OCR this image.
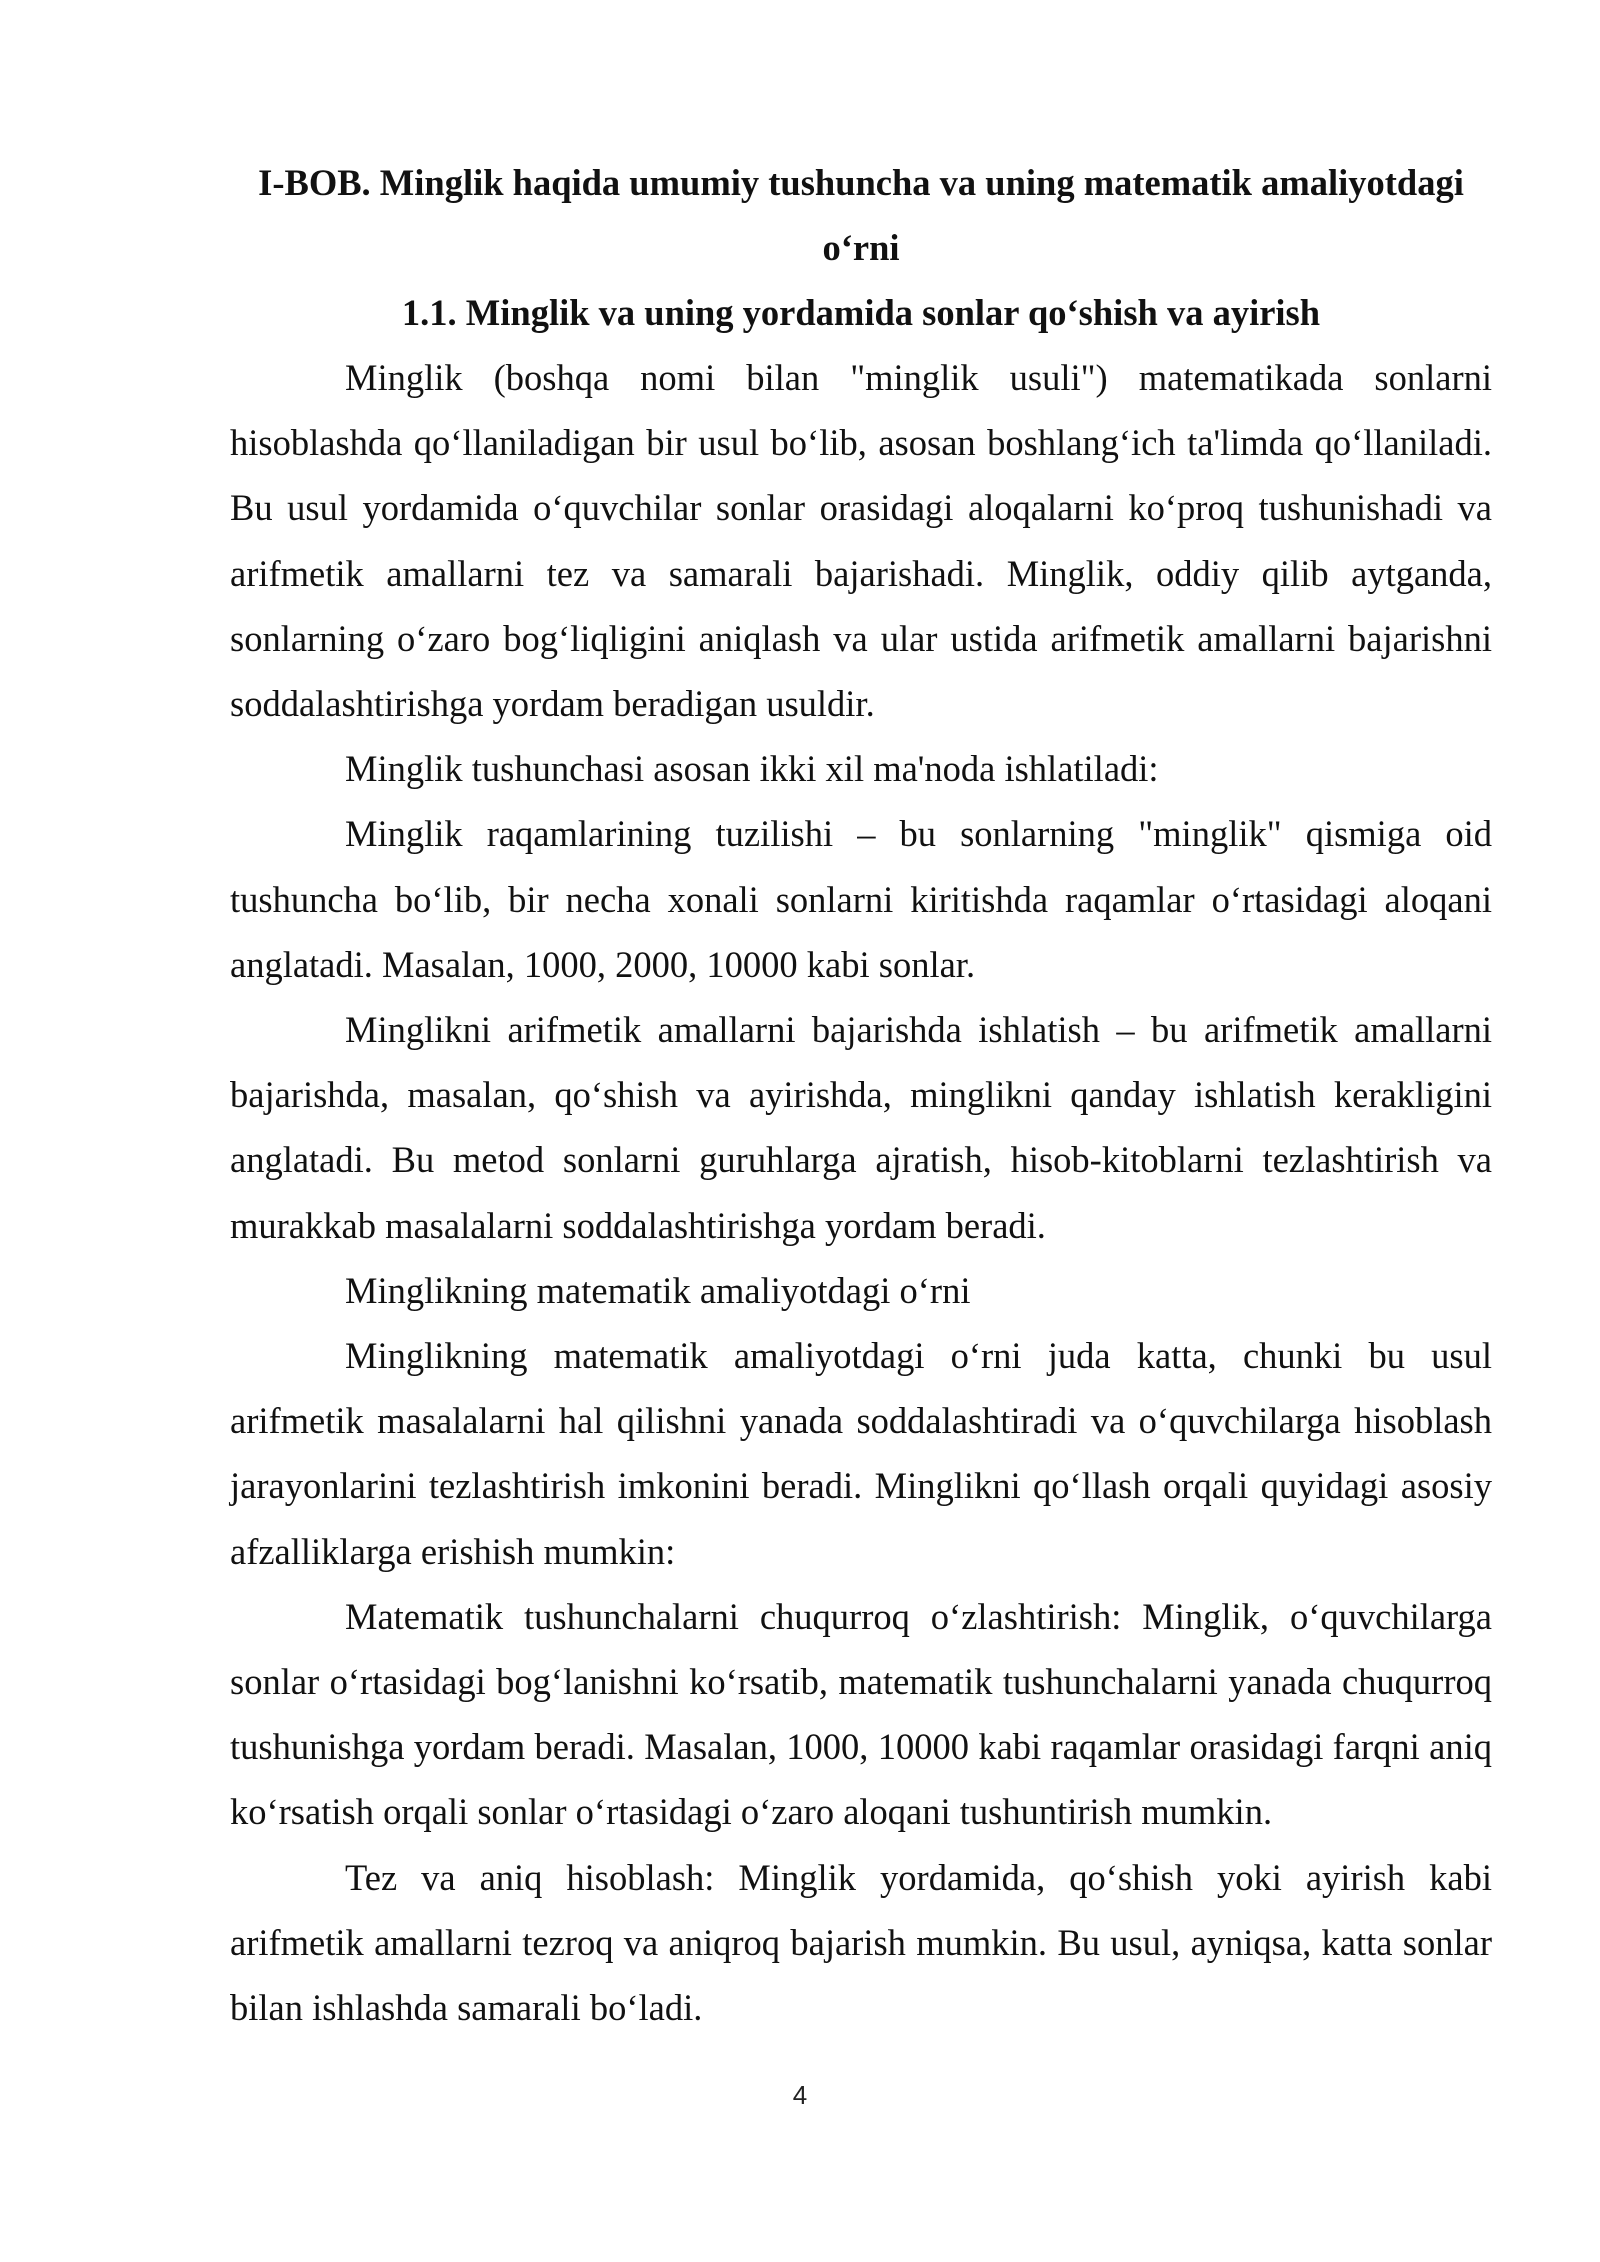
I-BOB. Minglik haqida umumiy tushuncha va uning matematik amaliyotdagi o‘rni

1.1. Minglik va uning yordamida sonlar qo‘shish va ayirish

Minglik (boshqa nomi bilan "minglik usuli") matematikada sonlarni hisoblashda qo‘llaniladigan bir usul bo‘lib, asosan boshlang‘ich ta'limda qo‘llaniladi. Bu usul yordamida o‘quvchilar sonlar orasidagi aloqalarni ko‘proq tushunishadi va arifmetik amallarni tez va samarali bajarishadi. Minglik, oddiy qilib aytganda, sonlarning o‘zaro bog‘liqligini aniqlash va ular ustida arifmetik amallarni bajarishni soddalashtirishga yordam beradigan usuldir.

Minglik tushunchasi asosan ikki xil ma'noda ishlatiladi:

Minglik raqamlarining tuzilishi – bu sonlarning "minglik" qismiga oid tushuncha bo‘lib, bir necha xonali sonlarni kiritishda raqamlar o‘rtasidagi aloqani anglatadi. Masalan, 1000, 2000, 10000 kabi sonlar.

Minglikni arifmetik amallarni bajarishda ishlatish – bu arifmetik amallarni bajarishda, masalan, qo‘shish va ayirishda, minglikni qanday ishlatish kerakligini anglatadi. Bu metod sonlarni guruhlarga ajratish, hisob-kitoblarni tezlashtirish va murakkab masalalarni soddalashtirishga yordam beradi.

Minglikning matematik amaliyotdagi o‘rni

Minglikning matematik amaliyotdagi o‘rni juda katta, chunki bu usul arifmetik masalalarni hal qilishni yanada soddalashtiradi va o‘quvchilarga hisoblash jarayonlarini tezlashtirish imkonini beradi. Minglikni qo‘llash orqali quyidagi asosiy afzalliklarga erishish mumkin:

Matematik tushunchalarni chuqurroq o‘zlashtirish: Minglik, o‘quvchilarga sonlar o‘rtasidagi bog‘lanishni ko‘rsatib, matematik tushunchalarni yanada chuqurroq tushunishga yordam beradi. Masalan, 1000, 10000 kabi raqamlar orasidagi farqni aniq ko‘rsatish orqali sonlar o‘rtasidagi o‘zaro aloqani tushuntirish mumkin.

Tez va aniq hisoblash: Minglik yordamida, qo‘shish yoki ayirish kabi arifmetik amallarni tezroq va aniqroq bajarish mumkin. Bu usul, ayniqsa, katta sonlar bilan ishlashda samarali bo‘ladi.

4
